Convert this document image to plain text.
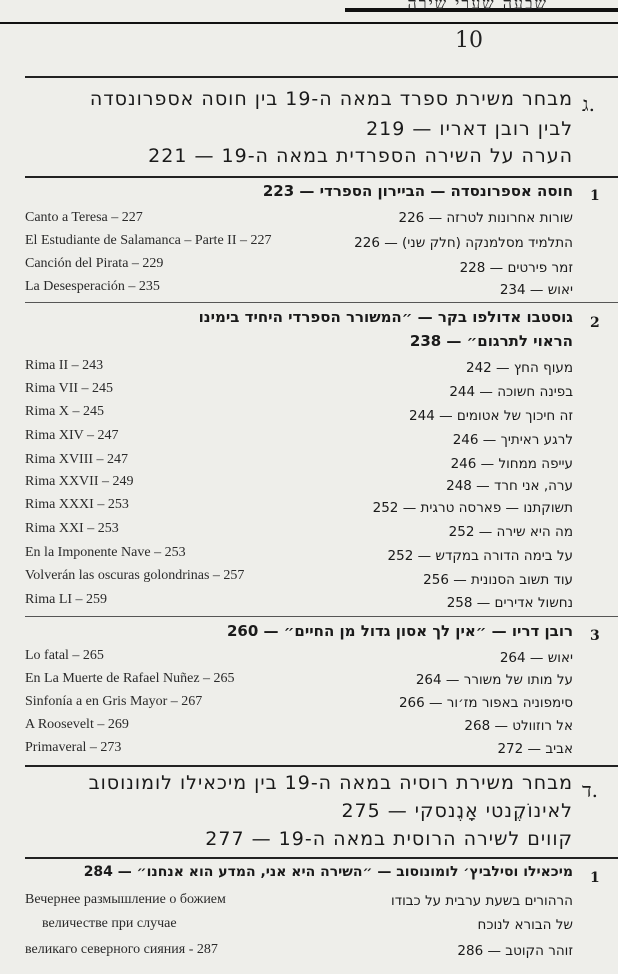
שבעה שערי שירה
10
ג.
מבחר משירת ספרד במאה ה-19 בין חוסה אספרונסדה
לבין רובן דאריו — 219
הערה על השירה הספרדית במאה ה-19 — 221
1
חוסה אספרונסדה — הביירון הספרדי — 223
שורות אחרונות לטרזה — 226
התלמיד מסלמנקה (חלק שני) — 226
זמר פירטים — 228
יאוש — 234
Canto a Teresa – 227
El Estudiante de Salamanca – Parte II – 227
Canción del Pirata – 229
La Desesperación – 235
2
גוסטבו אדולפו בקר — ״המשורר הספרדי היחיד בימינו
הראוי לתרגום״ — 238
מעוף החץ — 242
בפינה חשוכה — 244
זה חיכוך של אטומים — 244
לרגע ראיתיך — 246
עייפה ממחול — 246
ערה, אני חרד — 248
תשוקתנו — פארסה טרגית — 252
מה היא שירה — 252
על בימה הדורה במקדש — 252
עוד תשוב הסנונית — 256
נחשול אדירים — 258
Rima II – 243
Rima VII – 245
Rima X – 245
Rima XIV – 247
Rima XVIII – 247
Rima XXVII – 249
Rima XXXI – 253
Rima XXI – 253
En la Imponente Nave – 253
Volverán las oscuras golondrinas – 257
Rima LI – 259
3
רובן דריו — ״אין לך אסון גדול מן החיים״ — 260
יאוש — 264
על מותו של משורר — 264
סימפוניה באפור מז׳ור — 266
אל רוזוולט — 268
אביב — 272
Lo fatal – 265
En La Muerte de Rafael Nuñez – 265
Sinfonía a en Gris Mayor – 267
A Roosevelt – 269
Primaveral – 273
ד.
מבחר משירת רוסיה במאה ה-19 בין מיכאילו לומונוסוב
לאינוֹקֶנטי אָנֶנסקי — 275
קווים לשירה הרוסית במאה ה-19 — 277
1
מיכאילו וסילביץ׳ לומונוסוב — ״השירה היא אני, המדע הוא אנחנו״ — 284
הרהורים בשעת ערבית על כבודו
של הבורא לנוכח
זוהר הקוטב — 286
Вечернее размышление о божием
величестве при случае
великаго северного сияния - 287
